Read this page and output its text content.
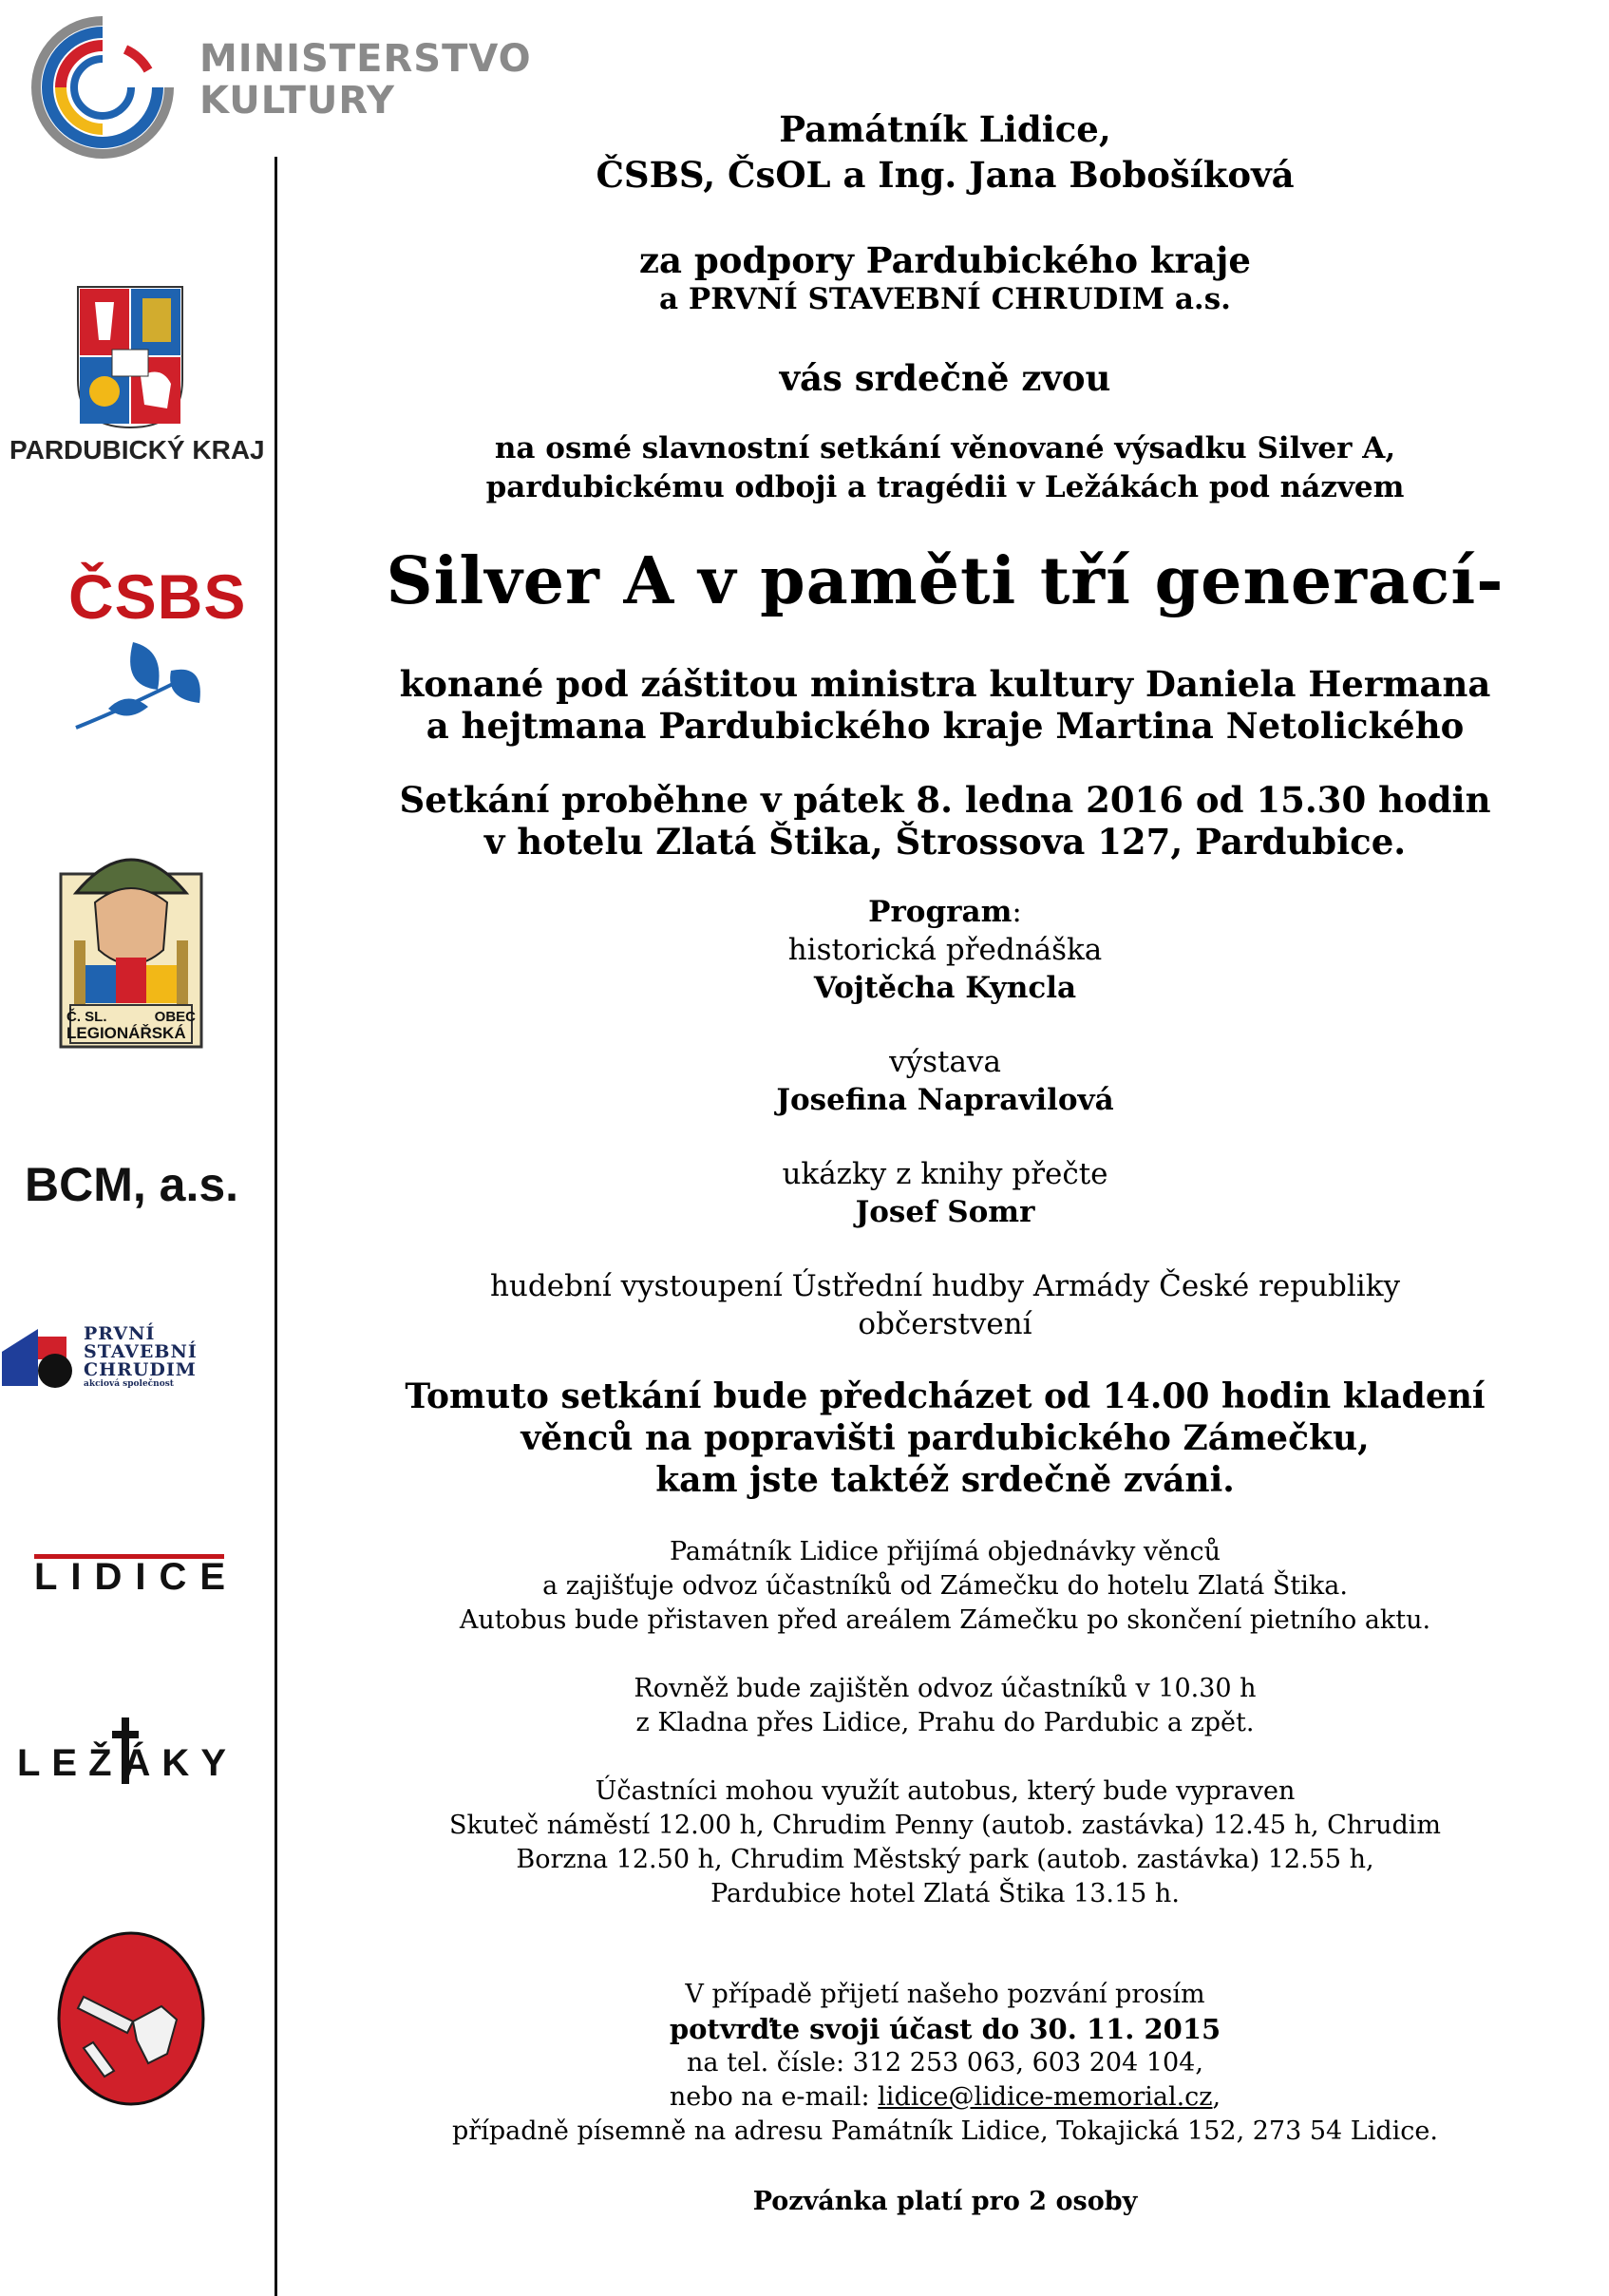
MINISTERSTVO
KULTURY
PARDUBICKÝ KRAJ
ČSBS
Č. SL.	OBEC
LEGIONÁŘSKÁ
BCM, a.s.
PRVNÍ
STAVEBNÍ
CHRUDIM
akciová společnost
LIDICE
LEŽÁKY
Památník Lidice,
ČSBS, ČsOL a Ing. Jana Bobošíková
za podpory Pardubického kraje
a PRVNÍ STAVEBNÍ CHRUDIM a.s.
vás srdečně zvou
na osmé slavnostní setkání věnované výsadku Silver A,
pardubickému odboji a tragédii v Ležákách pod názvem
Silver A v paměti tří generací-
konané pod záštitou ministra kultury Daniela Hermana
a hejtmana Pardubického kraje Martina Netolického
Setkání proběhne v pátek 8. ledna 2016 od 15.30 hodin
v hotelu Zlatá Štika, Štrossova 127, Pardubice.
Program:
historická přednáška
Vojtěcha Kyncla
výstava
Josefina Napravilová
ukázky z knihy přečte
Josef Somr
hudební vystoupení Ústřední hudby Armády České republiky
občerstvení
Tomuto setkání bude předcházet od 14.00 hodin kladení
věnců na popravišti pardubického Zámečku,
kam jste taktéž srdečně zváni.
Památník Lidice přijímá objednávky věnců
a zajišťuje odvoz účastníků od Zámečku do hotelu Zlatá Štika.
Autobus bude přistaven před areálem Zámečku po skončení pietního aktu.
Rovněž bude zajištěn odvoz účastníků v 10.30 h
z Kladna přes Lidice, Prahu do Pardubic a zpět.
Účastníci mohou využít autobus, který bude vypraven
Skuteč náměstí 12.00 h, Chrudim Penny (autob. zastávka) 12.45 h, Chrudim
Borzna 12.50 h, Chrudim Městský park (autob. zastávka) 12.55 h,
Pardubice hotel Zlatá Štika 13.15 h.
V případě přijetí našeho pozvání prosím
potvrďte svoji účast do 30. 11. 2015
na tel. čísle: 312 253 063, 603 204 104,
nebo na e-mail: lidice@lidice-memorial.cz,
případně písemně na adresu Památník Lidice, Tokajická 152, 273 54 Lidice.
Pozvánka platí pro 2 osoby
